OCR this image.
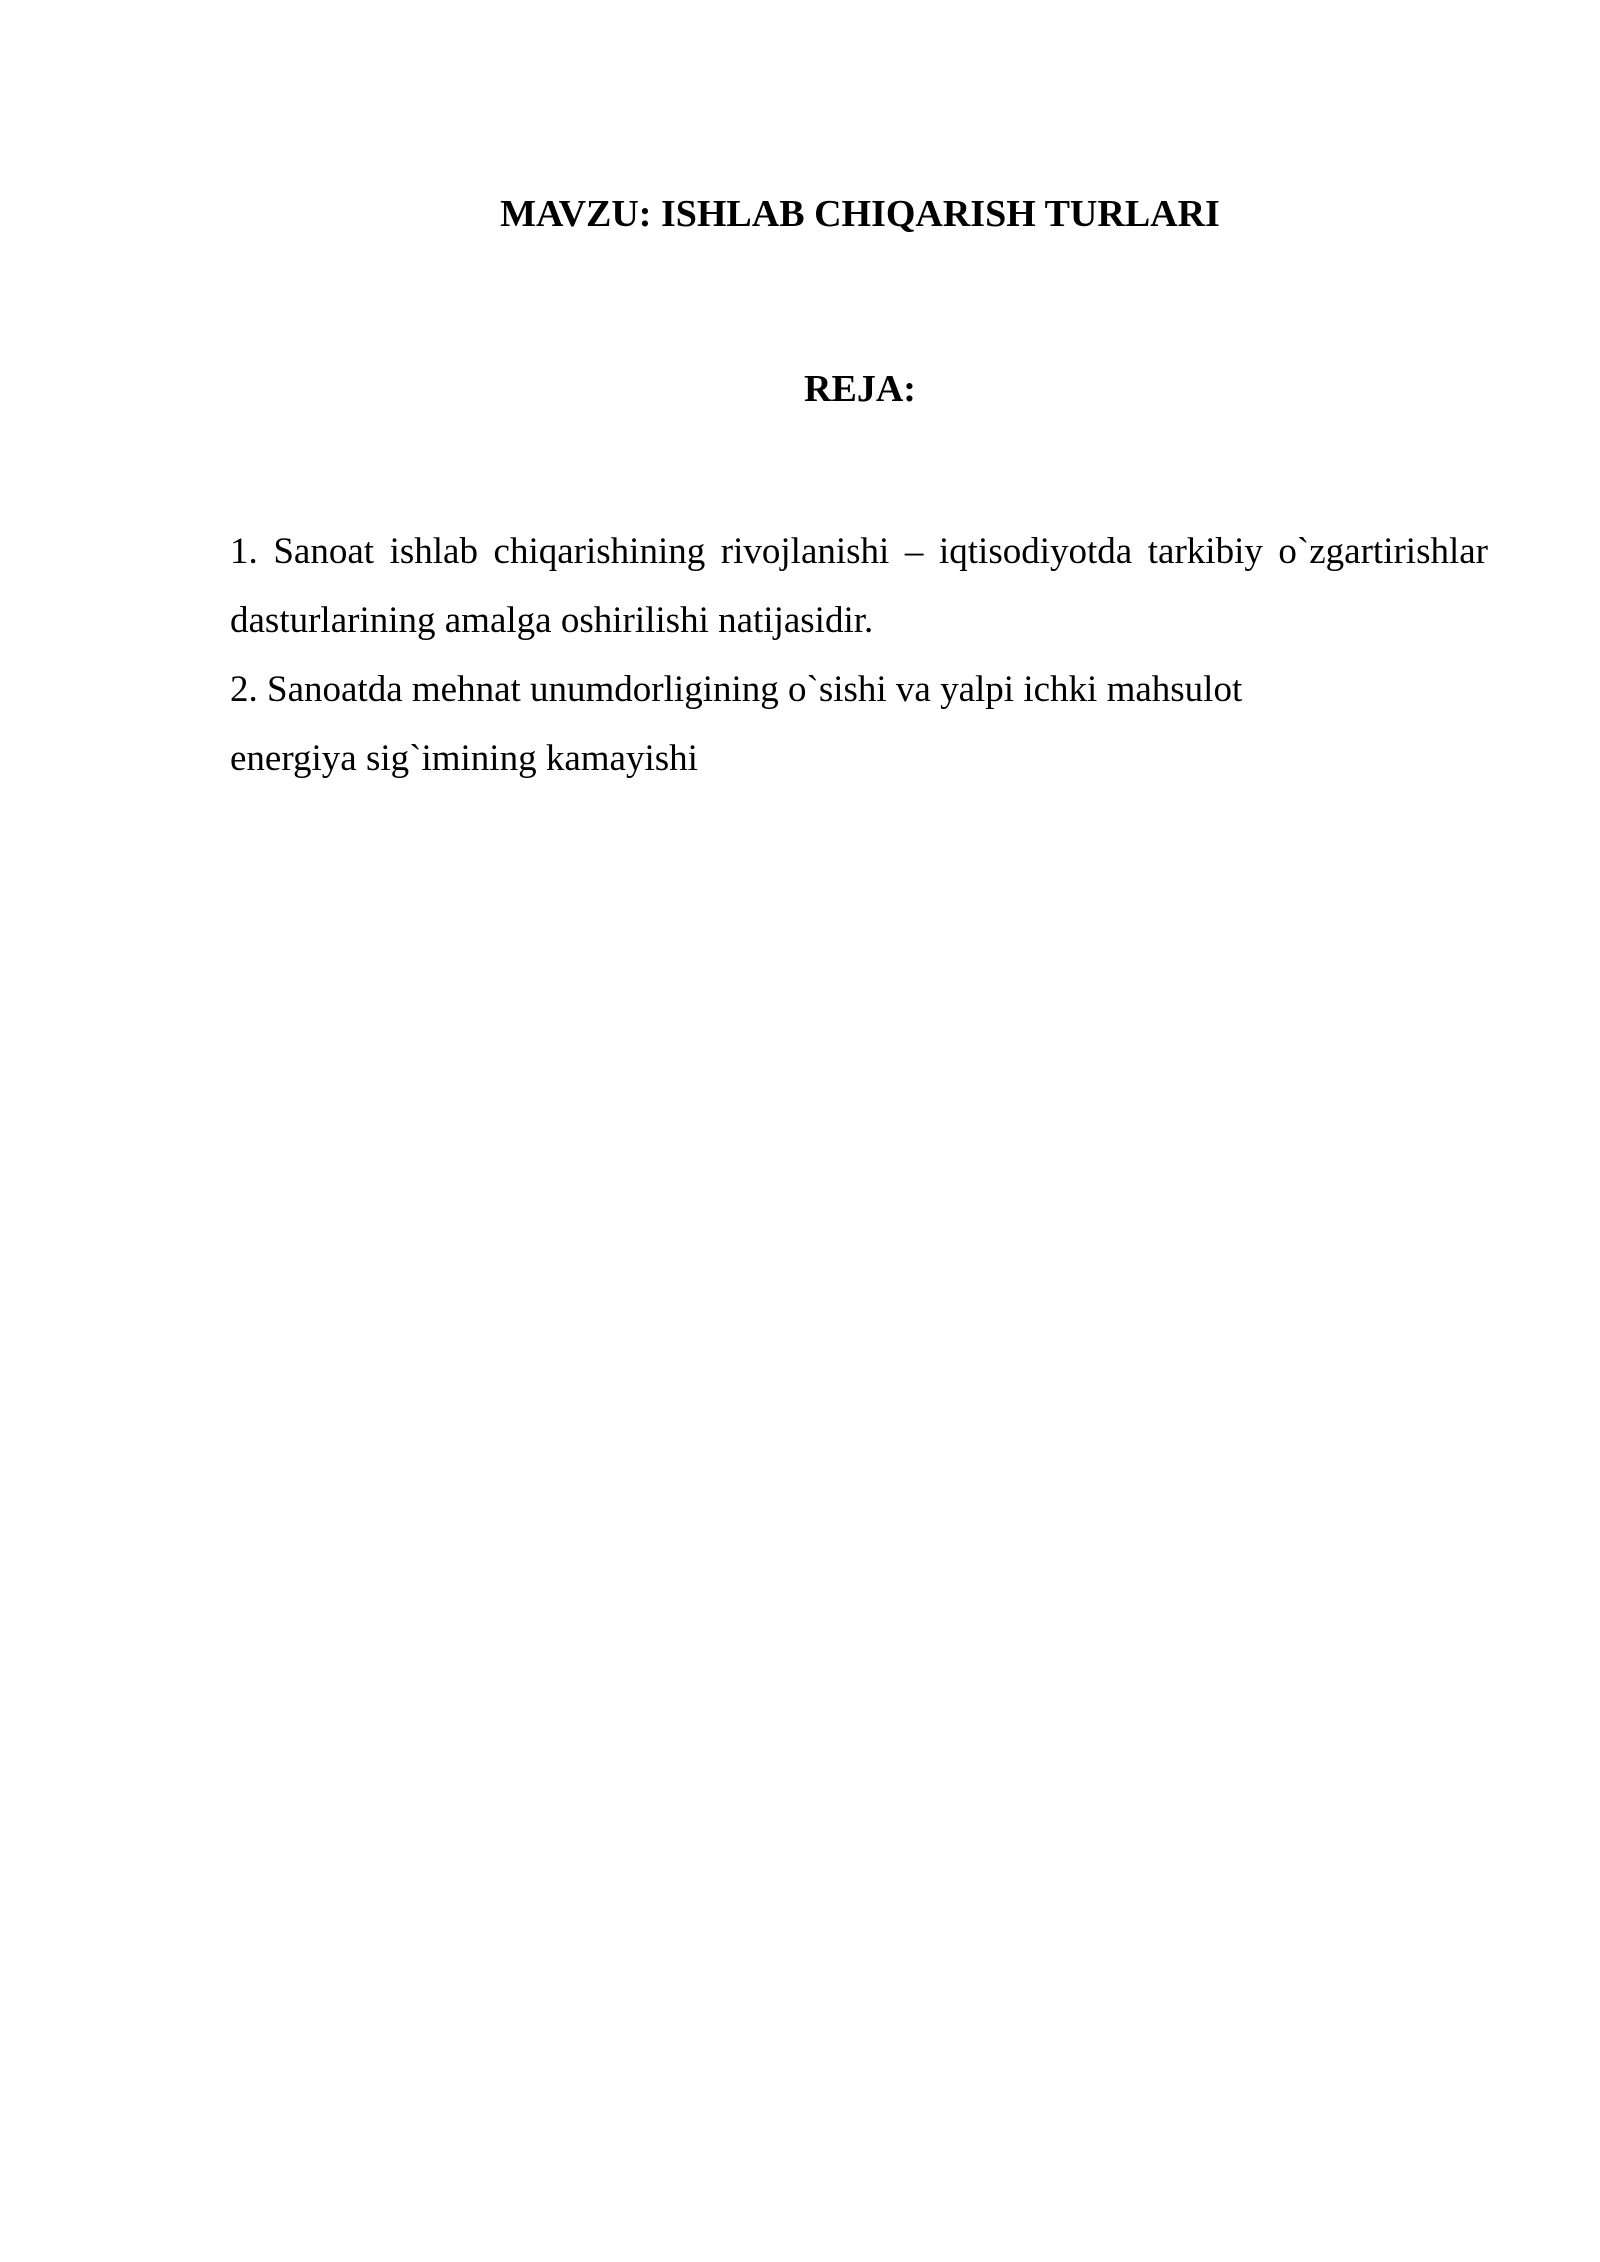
MAVZU: ISHLAB CHIQARISH TURLARI
REJA:
1. Sanoat ishlab chiqarishining rivojlanishi – iqtisodiyotda tarkibiy o`zgartirishlar dasturlarining amalga oshirilishi natijasidir.
2. Sanoatda mehnat unumdorligining o`sishi va yalpi ichki mahsulot
energiya sig`imining kamayishi
